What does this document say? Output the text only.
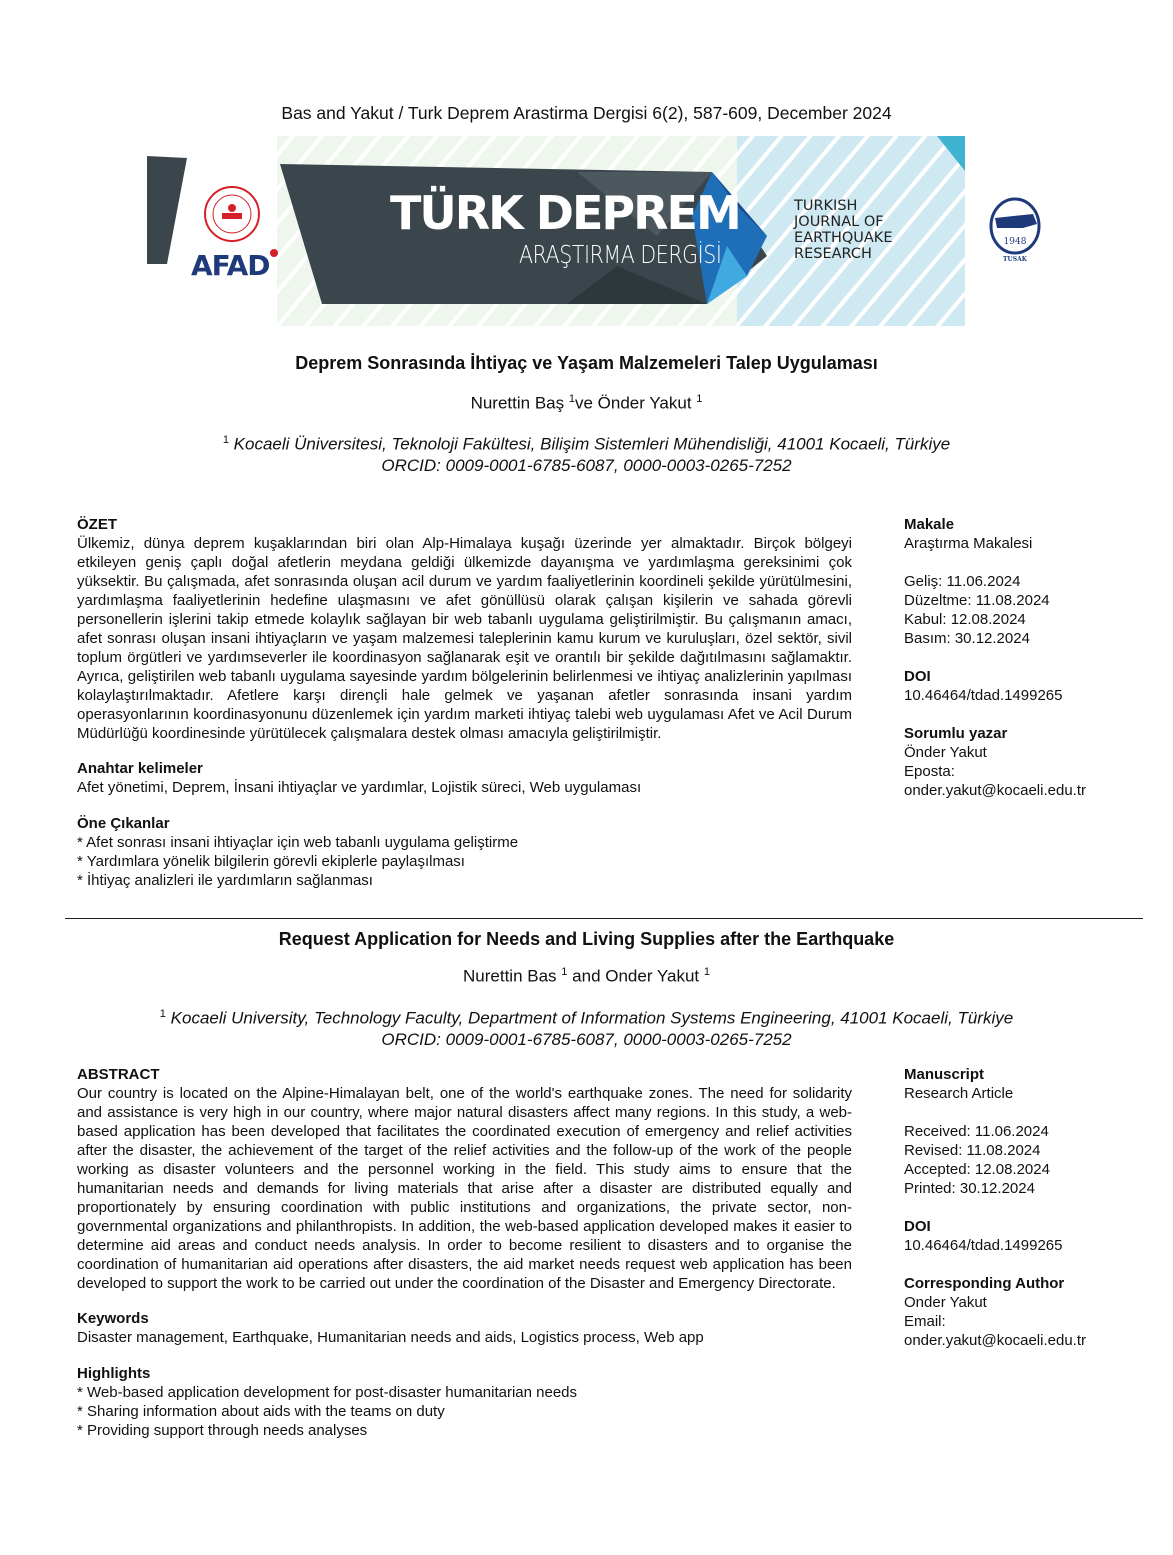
Bas and Yakut / Turk Deprem Arastirma Dergisi 6(2), 587-609, December 2024
TÜRK DEPREM
ARAŞTIRMA DERGİSİ
TURKISH
JOURNAL OF
EARTHQUAKE
RESEARCH
AFAD
1948
TUSAK
Deprem Sonrasında İhtiyaç ve Yaşam Malzemeleri Talep Uygulaması
Nurettin Baş $^1$ve Önder Yakut $^1$
$^1$ Kocaeli Üniversitesi, Teknoloji Fakültesi, Bilişim Sistemleri Mühendisliği, 41001 Kocaeli, Türkiye
ORCID: 0009-0001-6785-6087, 0000-0003-0265-7252
ÖZET
Ülkemiz, dünya deprem kuşaklarından biri olan Alp-Himalaya kuşağı üzerinde yer almaktadır. Birçok bölgeyi etkileyen geniş çaplı doğal afetlerin meydana geldiği ülkemizde dayanışma ve yardımlaşma gereksinimi çok yüksektir. Bu çalışmada, afet sonrasında oluşan acil durum ve yardım faaliyetlerinin koordineli şekilde yürütülmesini, yardımlaşma faaliyetlerinin hedefine ulaşmasını ve afet gönüllüsü olarak çalışan kişilerin ve sahada görevli personellerin işlerini takip etmede kolaylık sağlayan bir web tabanlı uygulama geliştirilmiştir. Bu çalışmanın amacı, afet sonrası oluşan insani ihtiyaçların ve yaşam malzemesi taleplerinin kamu kurum ve kuruluşları, özel sektör, sivil toplum örgütleri ve yardımseverler ile koordinasyon sağlanarak eşit ve orantılı bir şekilde dağıtılmasını sağlamaktır. Ayrıca, geliştirilen web tabanlı uygulama sayesinde yardım bölgelerinin belirlenmesi ve ihtiyaç analizlerinin yapılması kolaylaştırılmaktadır. Afetlere karşı dirençli hale gelmek ve yaşanan afetler sonrasında insani yardım operasyonlarının koordinasyonunu düzenlemek için yardım marketi ihtiyaç talebi web uygulaması Afet ve Acil Durum Müdürlüğü koordinesinde yürütülecek çalışmalara destek olması amacıyla geliştirilmiştir.
Anahtar kelimeler
Afet yönetimi, Deprem, İnsani ihtiyaçlar ve yardımlar, Lojistik süreci, Web uygulaması
Öne Çıkanlar
* Afet sonrası insani ihtiyaçlar için web tabanlı uygulama geliştirme
* Yardımlara yönelik bilgilerin görevli ekiplerle paylaşılması
* İhtiyaç analizleri ile yardımların sağlanması
Makale
Araştırma Makalesi
Geliş: 11.06.2024
Düzeltme: 11.08.2024
Kabul: 12.08.2024
Basım: 30.12.2024
DOI
10.46464/tdad.1499265
Sorumlu yazar
Önder Yakut
Eposta:
onder.yakut@kocaeli.edu.tr
Request Application for Needs and Living Supplies after the Earthquake
Nurettin Bas $^1$ and Onder Yakut $^1$
$^1$ Kocaeli University, Technology Faculty, Department of Information Systems Engineering, 41001 Kocaeli, Türkiye
ORCID: 0009-0001-6785-6087, 0000-0003-0265-7252
ABSTRACT
Our country is located on the Alpine-Himalayan belt, one of the world's earthquake zones. The need for solidarity and assistance is very high in our country, where major natural disasters affect many regions. In this study, a web-based application has been developed that facilitates the coordinated execution of emergency and relief activities after the disaster, the achievement of the target of the relief activities and the follow-up of the work of the people working as disaster volunteers and the personnel working in the field. This study aims to ensure that the humanitarian needs and demands for living materials that arise after a disaster are distributed equally and proportionately by ensuring coordination with public institutions and organizations, the private sector, non-governmental organizations and philanthropists. In addition, the web-based application developed makes it easier to determine aid areas and conduct needs analysis. In order to become resilient to disasters and to organise the coordination of humanitarian aid operations after disasters, the aid market needs request web application has been developed to support the work to be carried out under the coordination of the Disaster and Emergency Directorate.
Keywords
Disaster management, Earthquake, Humanitarian needs and aids, Logistics process, Web app
Highlights
* Web-based application development for post-disaster humanitarian needs
* Sharing information about aids with the teams on duty
* Providing support through needs analyses
Manuscript
Research Article
Received: 11.06.2024
Revised: 11.08.2024
Accepted: 12.08.2024
Printed: 30.12.2024
DOI
10.46464/tdad.1499265
Corresponding Author
Onder Yakut
Email:
onder.yakut@kocaeli.edu.tr
